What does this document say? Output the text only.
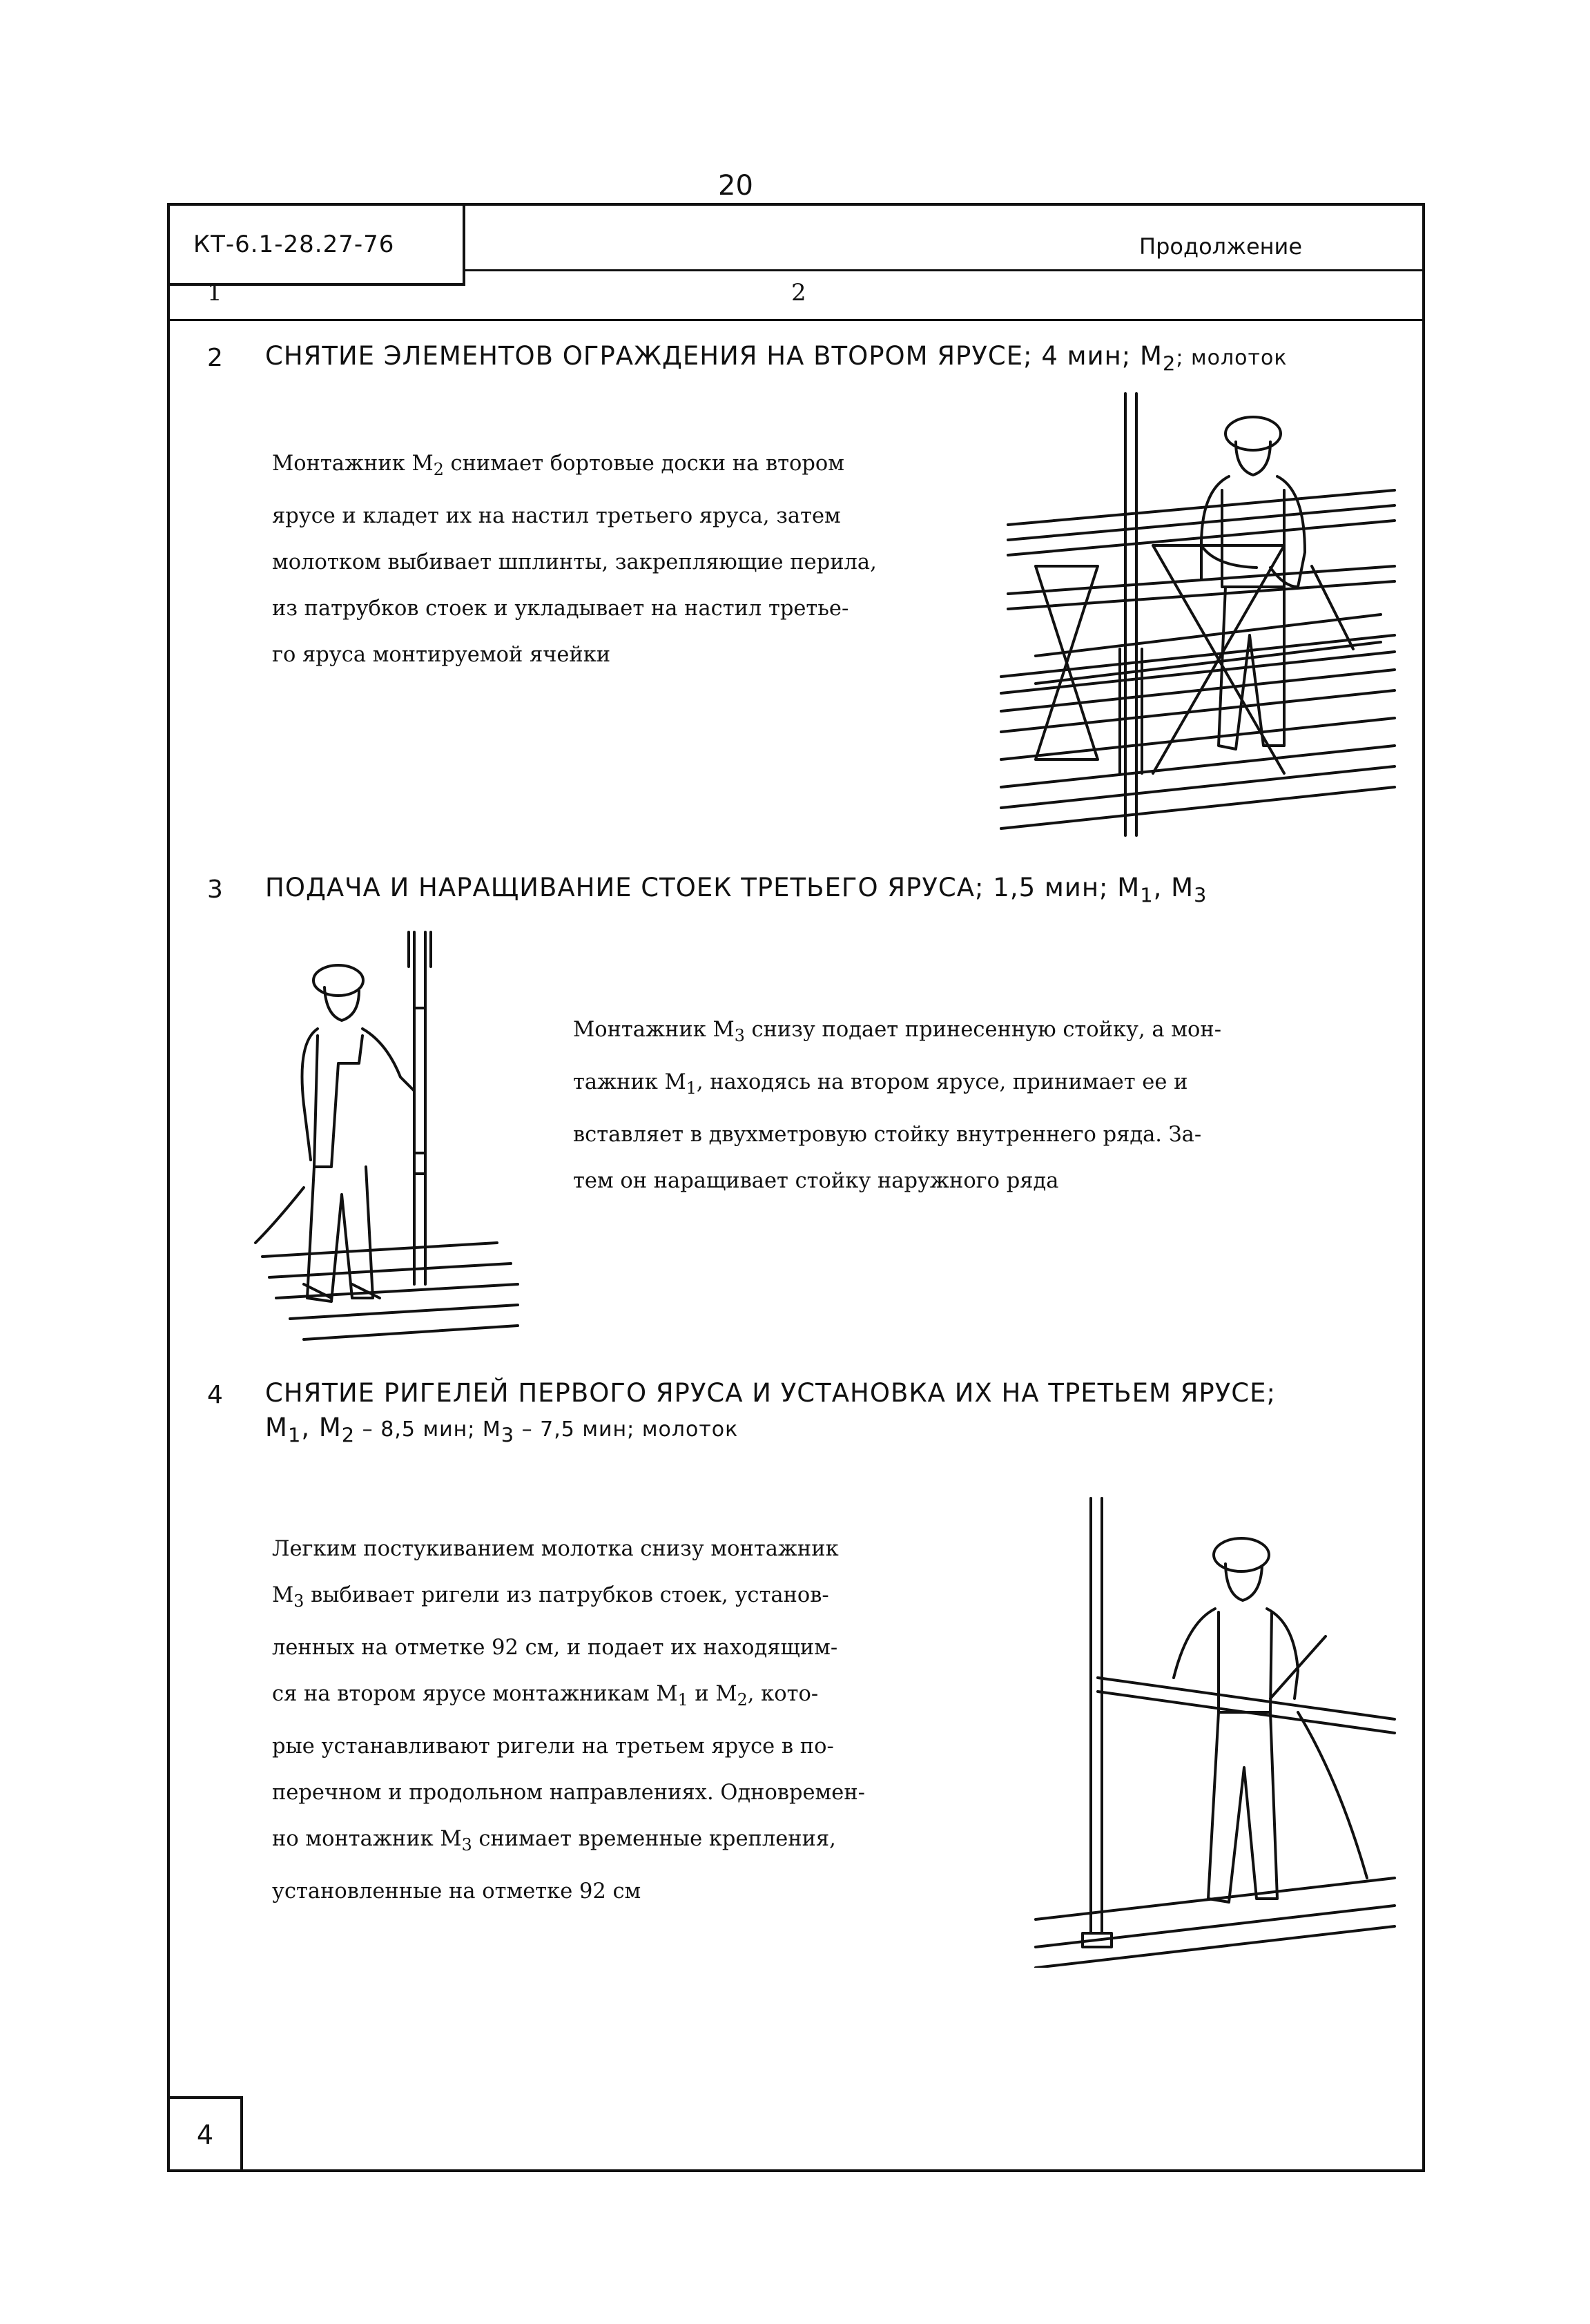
20
КТ-6.1-28.27-76	Продолжение
1	2
2 СНЯТИЕ ЭЛЕМЕНТОВ ОГРАЖДЕНИЯ НА ВТОРОМ ЯРУСЕ; 4 мин; $М_2$; молоток

Монтажник $М_2$ снимает бортовые доски на втором

ярусе и кладет их на настил третьего яруса, затем

молотком выбивает шплинты, закрепляющие перила,

из патрубков стоек и укладывает на настил третье-

го яруса монтируемой ячейки

3 ПОДАЧА И НАРАЩИВАНИЕ СТОЕК ТРЕТЬЕГО ЯРУСА; 1,5 мин; $М_1$, $М_3$

Монтажник $М_3$ снизу подает принесенную стойку, а мон-

тажник $М_1$, находясь на втором ярусе, принимает ее и

вставляет в двухметровую стойку внутреннего ряда. За-

тем он наращивает стойку наружного ряда

4 СНЯТИЕ РИГЕЛЕЙ ПЕРВОГО ЯРУСА И УСТАНОВКА ИХ НА ТРЕТЬЕМ ЯРУСЕ;
$М_1$, $М_2 - 8,5$ мин; $М_3 - 7,5$ мин; молоток

Легким постукиванием молотка снизу монтажник

$М_3$ выбивает ригели из патрубков стоек, установ-

ленных на отметке 92 см, и подает их находящим-

ся на втором ярусе монтажникам $М_1$ и $М_2$, кото-

рые устанавливают ригели на третьем ярусе в по-

перечном и продольном направлениях. Одновремен-

но монтажник $М_3$ снимает временные крепления,

установленные на отметке 92 см

4
